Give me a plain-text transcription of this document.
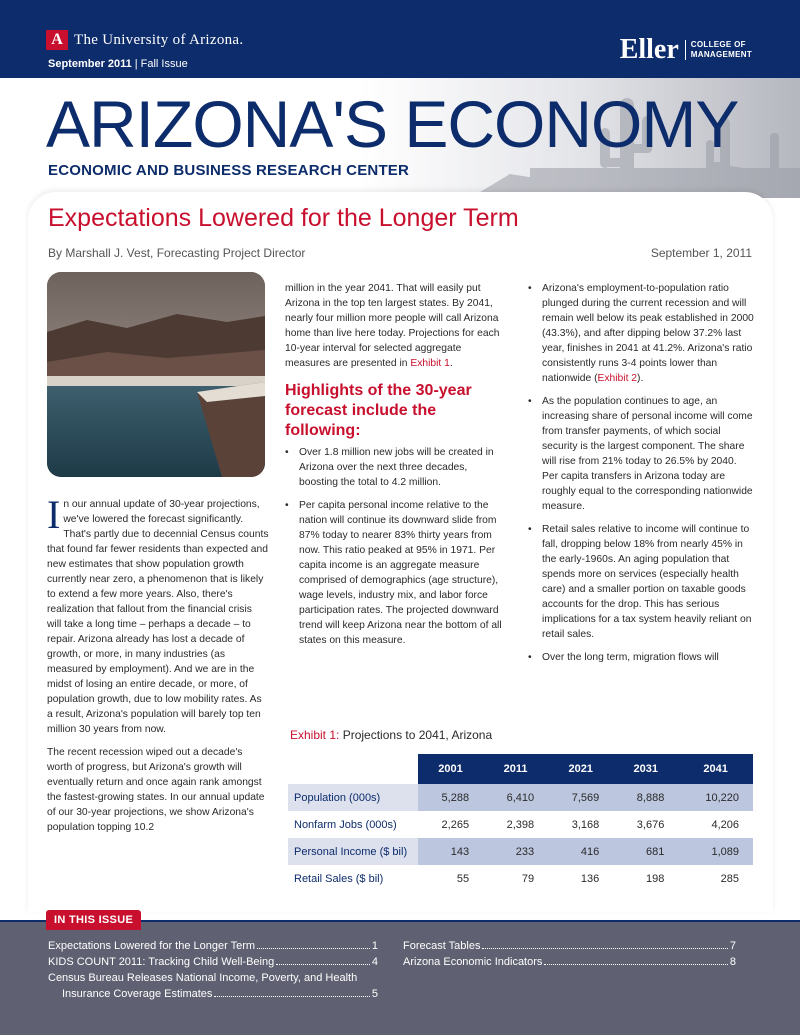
A The University of Arizona.
September 2011 | Fall Issue	Eller	COLLEGE OF
MANAGEMENT
ARIZONA'S ECONOMY
ECONOMIC AND BUSINESS RESEARCH CENTER
Expectations Lowered for the Longer Term
By Marshall J. Vest, Forecasting Project Director	September 1, 2011

In our annual update of 30-year projections, we've lowered the forecast significantly. That's partly due to decennial Census counts that found far fewer residents than expected and new estimates that show population growth currently near zero, a phenomenon that is likely to extend a few more years. Also, there's realization that fallout from the financial crisis will take a long time – perhaps a decade – to repair. Arizona already has lost a decade of growth, or more, in many industries (as measured by employment). And we are in the midst of losing an entire decade, or more, of population growth, due to low mobility rates. As a result, Arizona's population will barely top ten million 30 years from now.

The recent recession wiped out a decade's worth of progress, but Arizona's growth will eventually return and once again rank amongst the fastest-growing states. In our annual update of our 30-year projections, we show Arizona's population topping 10.2

million in the year 2041. That will easily put Arizona in the top ten largest states. By 2041, nearly four million more people will call Arizona home than live here today. Projections for each 10-year interval for selected aggregate measures are presented in Exhibit 1.

Highlights of the 30-year forecast include the following:

• Over 1.8 million new jobs will be created in Arizona over the next three decades, boosting the total to 4.2 million.

• Per capita personal income relative to the nation will continue its downward slide from 87% today to nearer 83% thirty years from now. This ratio peaked at 95% in 1971. Per capita income is an aggregate measure comprised of demographics (age structure), wage levels, industry mix, and labor force participation rates. The projected downward trend will keep Arizona near the bottom of all states on this measure.

• Arizona's employment-to-population ratio plunged during the current recession and will remain well below its peak established in 2000 (43.3%), and after dipping below 37.2% last year, finishes in 2041 at 41.2%. Arizona's ratio consistently runs 3-4 points lower than nationwide (Exhibit 2).

• As the population continues to age, an increasing share of personal income will come from transfer payments, of which social security is the largest component. The share will rise from 21% today to 26.5% by 2040. Per capita transfers in Arizona today are roughly equal to the corresponding nationwide measure.

• Retail sales relative to income will continue to fall, dropping below 18% from nearly 45% in the early-1960s. An aging population that spends more on services (especially health care) and a smaller portion on taxable goods accounts for the drop. This has serious implications for a tax system heavily reliant on retail sales.

• Over the long term, migration flows will

Exhibit 1: Projections to 2041, Arizona
	2001	2011	2021	2031	2041
Population (000s)	5,288	6,410	7,569	8,888	10,220
Nonfarm Jobs (000s)	2,265	2,398	3,168	3,676	4,206
Personal Income ($ bil)	143	233	416	681	1,089
Retail Sales ($ bil)	55	79	136	198	285
IN THIS ISSUE
Expectations Lowered for the Longer Term	1
KIDS COUNT 2011: Tracking Child Well-Being	4
Census Bureau Releases National Income, Poverty, and Health
Insurance Coverage Estimates	5
Forecast Tables	7
Arizona Economic Indicators	8
